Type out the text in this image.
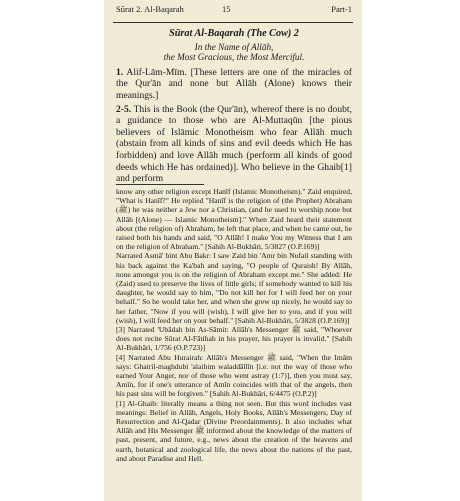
Sūrat 2. Al-Baqarah	15	Part-1
Sūrat Al-Baqarah (The Cow) 2
In the Name of Allāh,
the Most Gracious, the Most Merciful.

1. Alif-Lām-Mīm. [These letters are one of the miracles of the Qur'ān and none but Allāh (Alone) knows their meanings.]

2-5. This is the Book (the Qur'ān), whereof there is no doubt, a guidance to those who are Al-Muttaqūn [the pious believers of Islāmic Monotheism who fear Allāh much (abstain from all kinds of sins and evil deeds which He has forbidden) and love Allāh much (perform all kinds of good deeds which He has ordained)]. Who believe in the Ghaib[1] and perform

know any other religion except Hanīf (Islamic Monotheism)." Zaid enquired, "What is Hanīf?" He replied "Hanīf is the religion of (the Prophet) Abraham (ﷺ) he was neither a Jew nor a Christian, (and he used to worship none but Allāh [(Alone) — Islamic Monotheism]." When Zaid heard their statement about (the religion of) Abraham, he left that place, and when he came out, he raised both his hands and said, "O Allāh! I make You my Witness that I am on the religion of Abraham." [Sahih Al-Bukhāri, 5/3827 (O.P.169)]

Narrated Asmā' bint Abu Bakr: I saw Zaid bin 'Amr bin Nufail standing with his back against the Ka'bah and saying, "O people of Quraish! By Allāh, none amongst you is on the religion of Abraham except me." She added: He (Zaid) used to preserve the lives of little girls; if somebody wanted to kill his daughter, he would say to him, "Do not kill her for I will feed her on your behalf." So he would take her, and when she grew up nicely, he would say to her father, "Now if you will (wish), I will give her to you, and if you will (wish), I will feed her on your behalf." [Sahih Al-Bukhāri, 5/3828 (O.P.169)]

[3] Narrated 'Ubādah bin As-Sāmit: Allāh's Messenger ﷺ said, "Whoever does not recite Sūrat Al-Fātihah in his prayer, his prayer is invalid." [Sahih Al-Bukhāri, 1/756 (O.P.723)]

[4] Narrated Abu Hurairah: Allāh's Messenger ﷺ said, "When the Imām says: Ghairil-maghdubi 'alaihim waladdāllīn [i.e. not the way of those who earned Your Anger, nor of those who went astray (1:7)], then you must say, Amīn, for if one's utterance of Amīn coincides with that of the angels, then his past sins will be forgiven." [Sahih Al-Bukhāri, 6/4475 (O.P.2)]

[1] Al-Ghaib: literally means a thing not seen. But this word includes vast meanings: Belief in Allāh, Angels, Holy Books, Allāh's Messengers, Day of Resurrection and Al-Qadar (Divine Preordainments). It also includes what Allāh and His Messenger ﷺ informed about the knowledge of the matters of past, present, and future, e.g., news about the creation of the heavens and earth, botanical and zoological life, the news about the nations of the past, and about Paradise and Hell.
